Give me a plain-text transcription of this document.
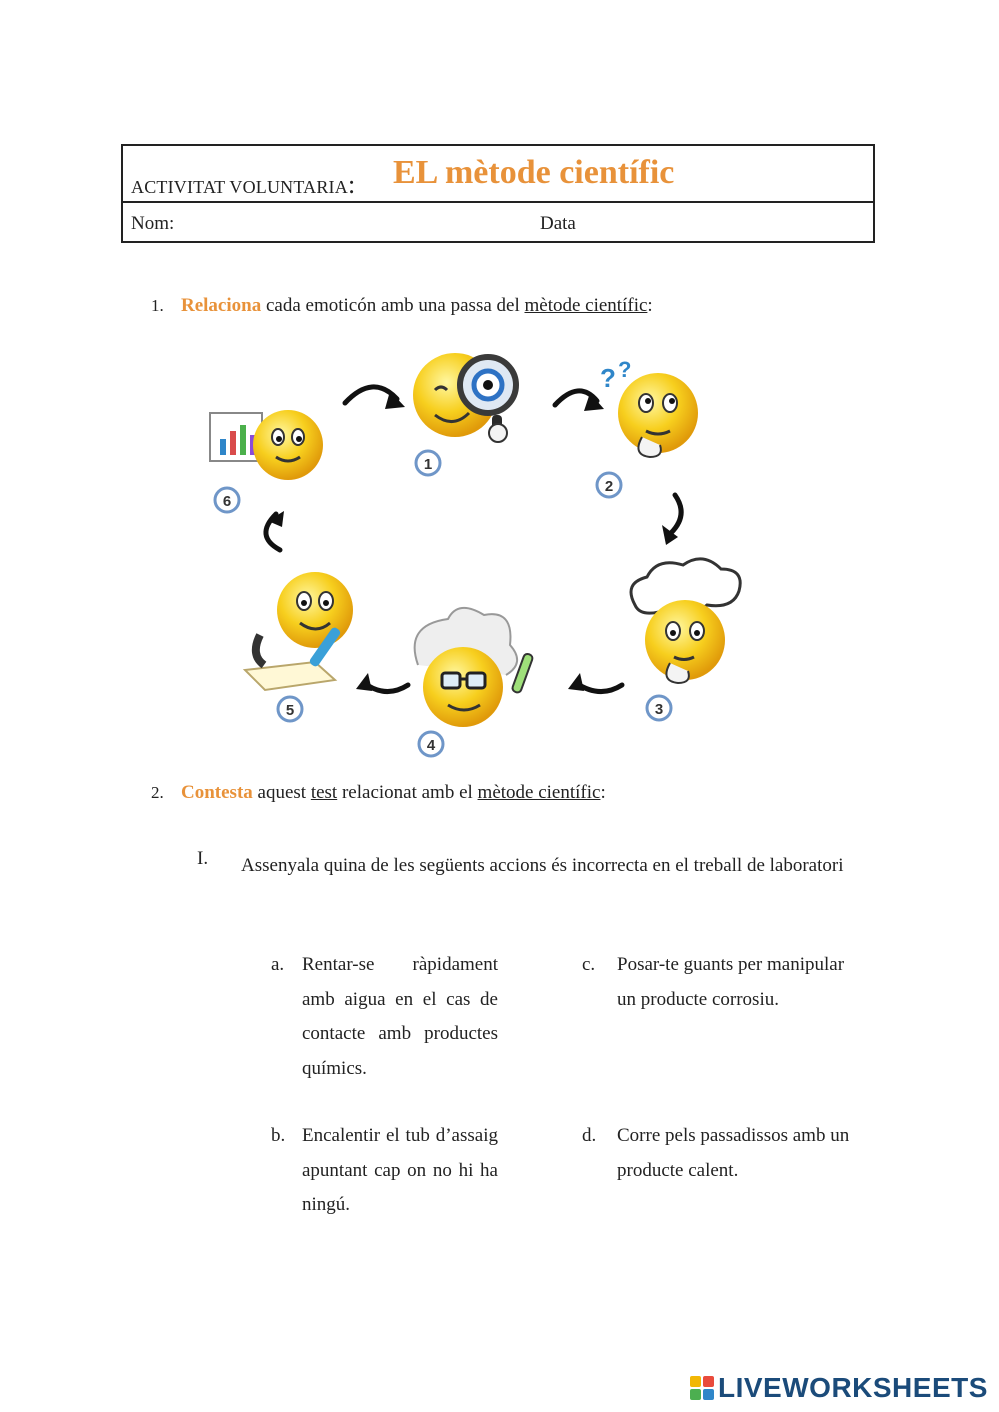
ACTIVITAT VOLUNTARIA: EL mètode científic
Nom:	Data
1. Relaciona cada emoticón amb una passa del mètode científic:
? ?
1
2
3
4
5
6
2. Contesta aquest test relacionat amb el mètode científic:
I. Assenyala quina de les següents accions és incorrecta en el treball de laboratori
a. Rentar-se ràpidament amb aigua en el cas de contacte amb productes químics.
b. Encalentir el tub d’assaig apuntant cap on no hi ha ningú.
c. Posar-te guants per manipular un producte corrosiu.
d. Corre pels passadissos amb un producte calent.
LIVEWORKSHEETS
